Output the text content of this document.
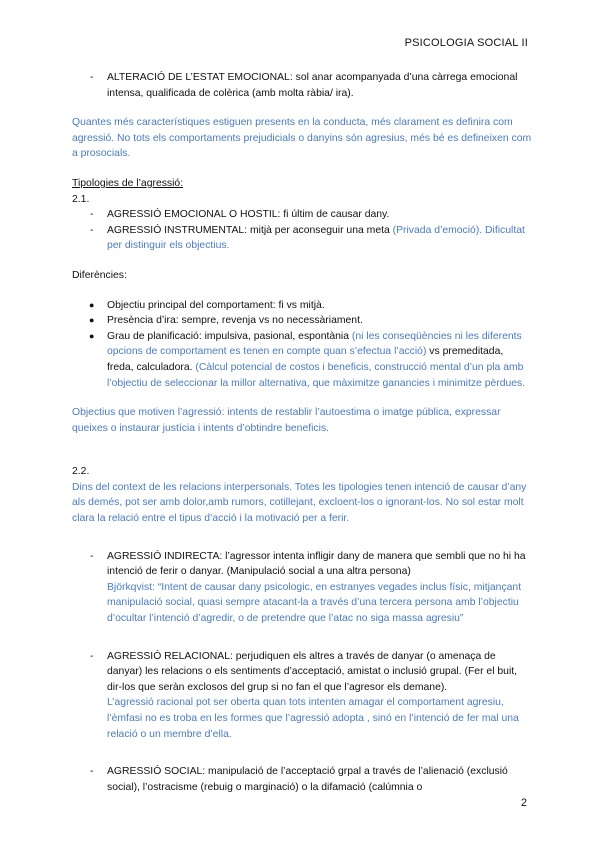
PSICOLOGIA SOCIAL II
- ALTERACIÓ DE L’ESTAT EMOCIONAL: sol anar acompanyada d’una càrrega emocional intensa, qualificada de colèrica (amb molta ràbia/ ira).

Quantes més característiques estiguen presents en la conducta, més clarament es definira com agressió. No tots els comportaments prejudicials o danyins són agresius, més bé es defineixen com a prosocials.

Tipologies de l’agressió:

2.1.

- AGRESSIÓ EMOCIONAL O HOSTIL: fi últim de causar dany.
- AGRESSIÓ INSTRUMENTAL: mitjà per aconseguir una meta (Privada d’emoció). Dificultat per distinguir els objectius.

Diferències:

● Objectiu principal del comportament: fi vs mitjà.
● Presència d’ira: sempre, revenja vs no necessàriament.
● Grau de planificació: impulsiva, pasional, espontània (ni les conseqüències ni les diferents opcions de comportament es tenen en compte quan s’efectua l’acció) vs premeditada, freda, calculadora. (Càlcul potencial de costos i beneficis, construcció mental d’un pla amb l’objectiu de seleccionar la millor alternativa, que màximitze ganancies i minimitze pèrdues.

Objectius que motiven l’agressió: intents de restablir l’autoestima o imatge pública, expressar queixes o instaurar justícia i intents d’obtindre beneficis.

2.2.

Dins del context de les relacions interpersonals. Totes les tipologies tenen intenció de causar d’any als demés, pot ser amb dolor,amb rumors, cotillejant, excloent-los o ignorant-los. No sol estar molt clara la relació entre el tipus d’acció i la motivació per a ferir.

- AGRESSIÓ INDIRECTA: l’agressor intenta infligir dany de manera que sembli que no hi ha intenció de ferir o danyar. (Manipulació social a una altra persona)
Björkqvist: “Intent de causar dany psicologic, en estranyes vegades inclus físic, mitjançant manipulació social, quasi sempre atacant-la a través d’una tercera persona amb l’objectiu d’ocultar l’intenció d’agredir, o de pretendre que l’atac no siga massa agresiu”
- AGRESSIÓ RELACIONAL: perjudiquen els altres a través de danyar (o amenaça de danyar) les relacions o els sentiments d’acceptació, amistat o inclusió grupal. (Fer el buit, dir-los que seràn exclosos del grup si no fan el que l’agresor els demane).
L’agressió racional pot ser oberta quan tots intenten amagar el comportament agresiu, l’èmfasi no es troba en les formes que l’agressió adopta , sinó en l’intenció de fer mal una relació o un membre d’ella.
- AGRESSIÓ SOCIAL: manipulació de l’acceptació grpal a través de l’alienació (exclusió social), l’ostracisme (rebuig o marginació) o la difamació (calúmnia o
2
